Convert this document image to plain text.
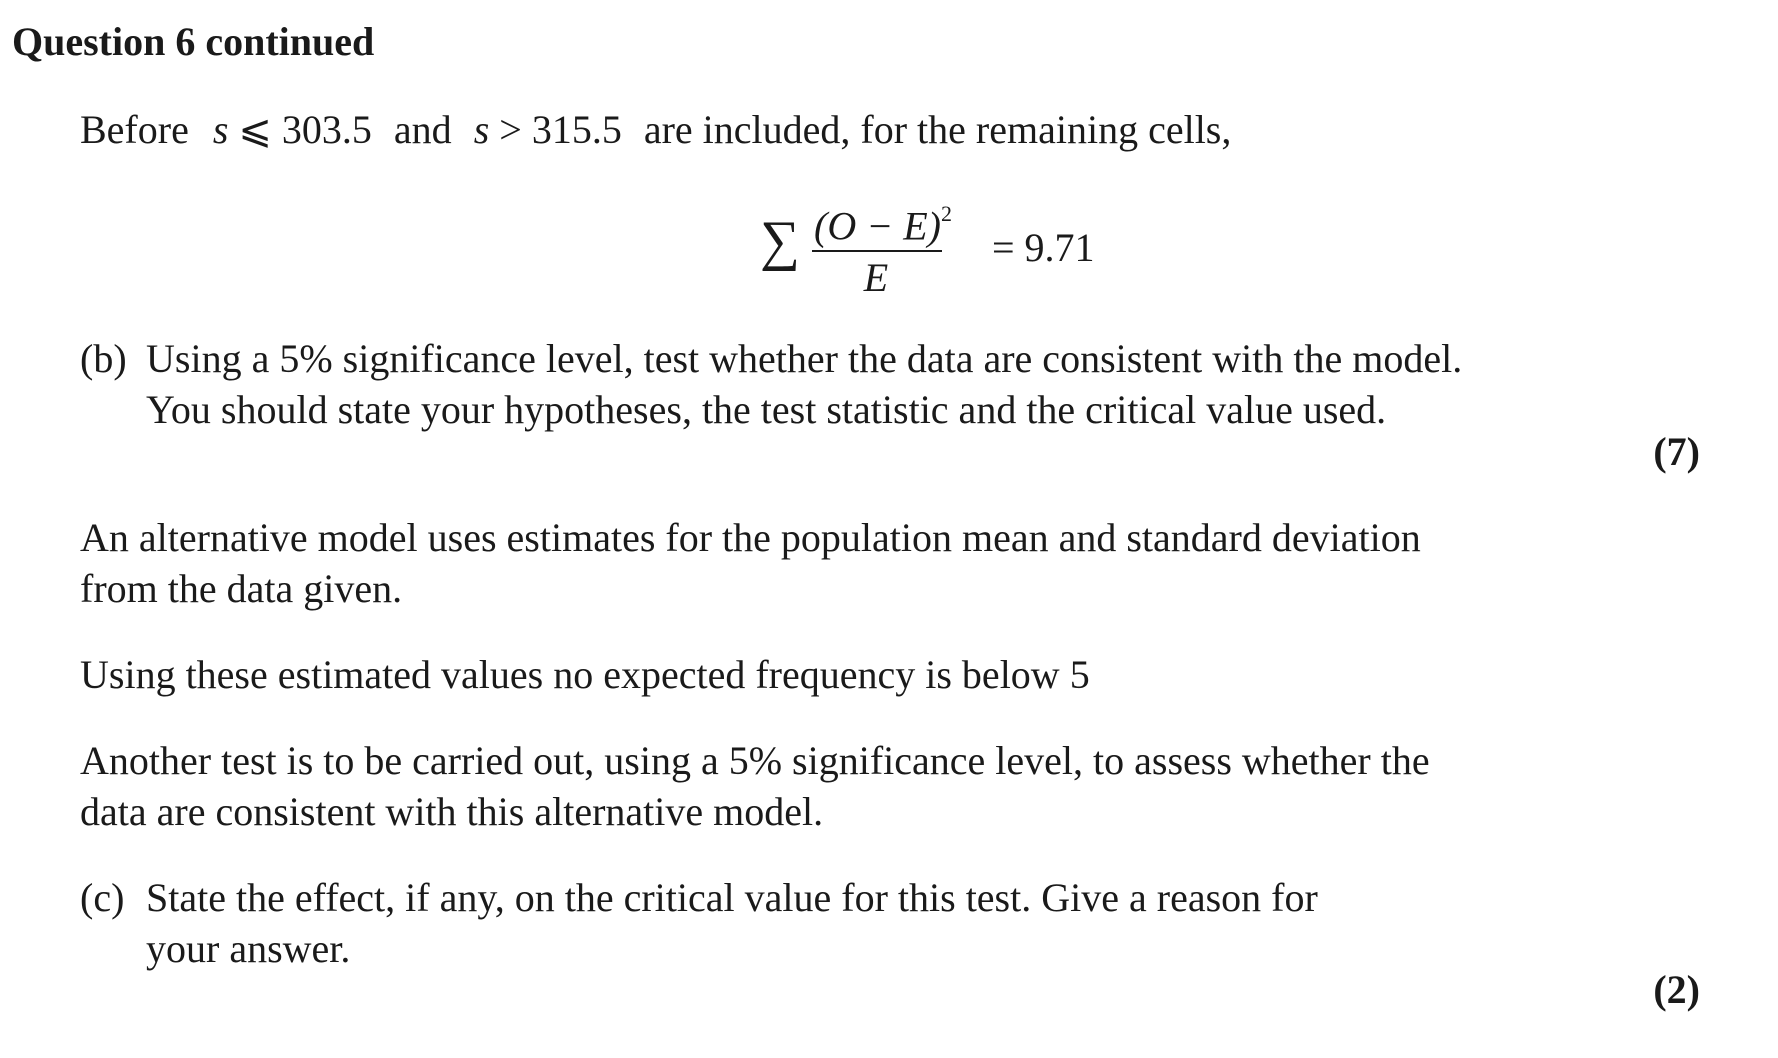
Question 6 continued
Before s ⩽ 303.5 and s > 315.5 are included, for the remaining cells,
∑ $(O - E)^2$
E
= 9.71
(b) Using a 5% significance level, test whether the data are consistent with the model.
You should state your hypotheses, the test statistic and the critical value used.
(7)
An alternative model uses estimates for the population mean and standard deviation
from the data given.
Using these estimated values no expected frequency is below 5
Another test is to be carried out, using a 5% significance level, to assess whether the
data are consistent with this alternative model.
(c) State the effect, if any, on the critical value for this test. Give a reason for
your answer.
(2)
